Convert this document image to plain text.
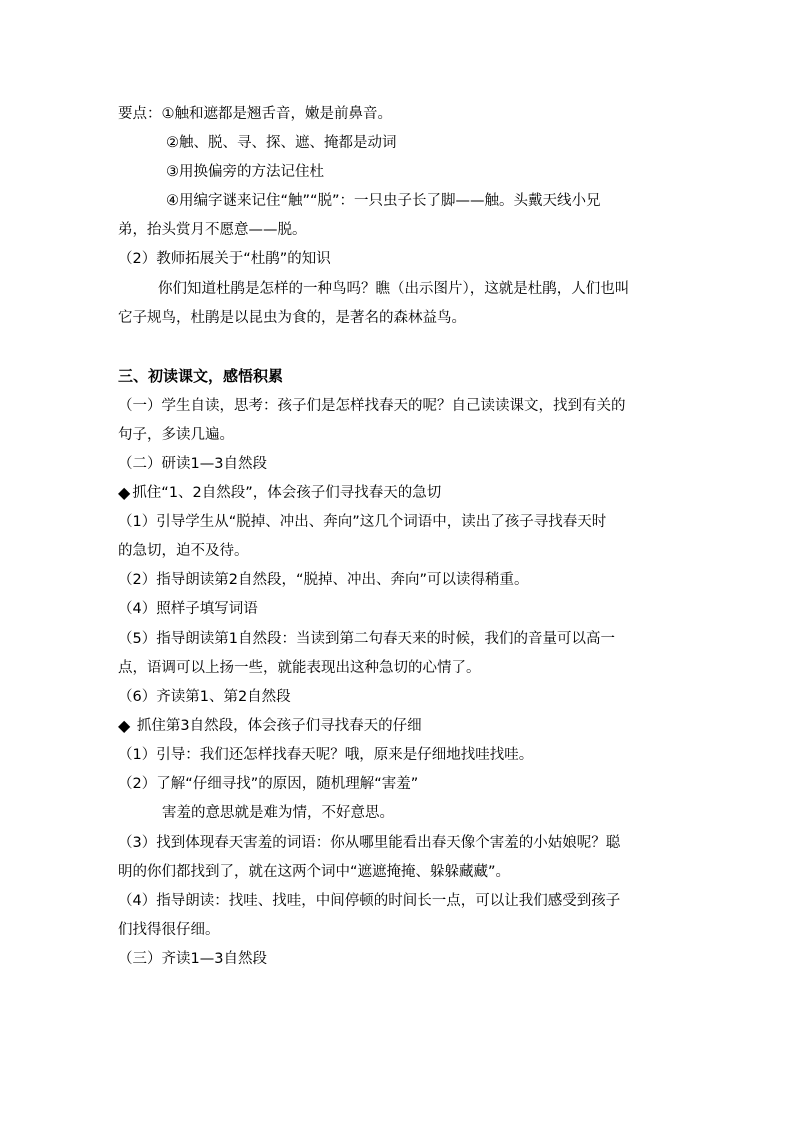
要点：①触和遮都是翘舌音，嫩是前鼻音。
②触、脱、寻、探、遮、掩都是动词
③用换偏旁的方法记住杜
④用编字谜来记住“触”“脱”：一只虫子长了脚——触。头戴天线小兄
弟，抬头赏月不愿意——脱。
（2）教师拓展关于“杜鹃”的知识
你们知道杜鹃是怎样的一种鸟吗？瞧（出示图片），这就是杜鹃，人们也叫
它子规鸟，杜鹃是以昆虫为食的，是著名的森林益鸟。
三、初读课文，感悟积累
（一）学生自读，思考：孩子们是怎样找春天的呢？自己读读课文，找到有关的
句子，多读几遍。
（二）研读1—3自然段
◆ 抓住“1、2自然段”，体会孩子们寻找春天的急切
（1）引导学生从“脱掉、冲出、奔向”这几个词语中，读出了孩子寻找春天时
的急切，迫不及待。
（2）指导朗读第2自然段，“脱掉、冲出、奔向”可以读得稍重。
（4）照样子填写词语
（5）指导朗读第1自然段：当读到第二句春天来的时候，我们的音量可以高一
点，语调可以上扬一些，就能表现出这种急切的心情了。
（6）齐读第1、第2自然段
◆ 抓住第3自然段，体会孩子们寻找春天的仔细
（1）引导：我们还怎样找春天呢？哦，原来是仔细地找哇找哇。
（2）了解“仔细寻找”的原因，随机理解“害羞”
害羞的意思就是难为情，不好意思。
（3）找到体现春天害羞的词语：你从哪里能看出春天像个害羞的小姑娘呢？聪
明的你们都找到了，就在这两个词中“遮遮掩掩、躲躲藏藏”。
（4）指导朗读：找哇、找哇，中间停顿的时间长一点，可以让我们感受到孩子
们找得很仔细。
（三）齐读1—3自然段
